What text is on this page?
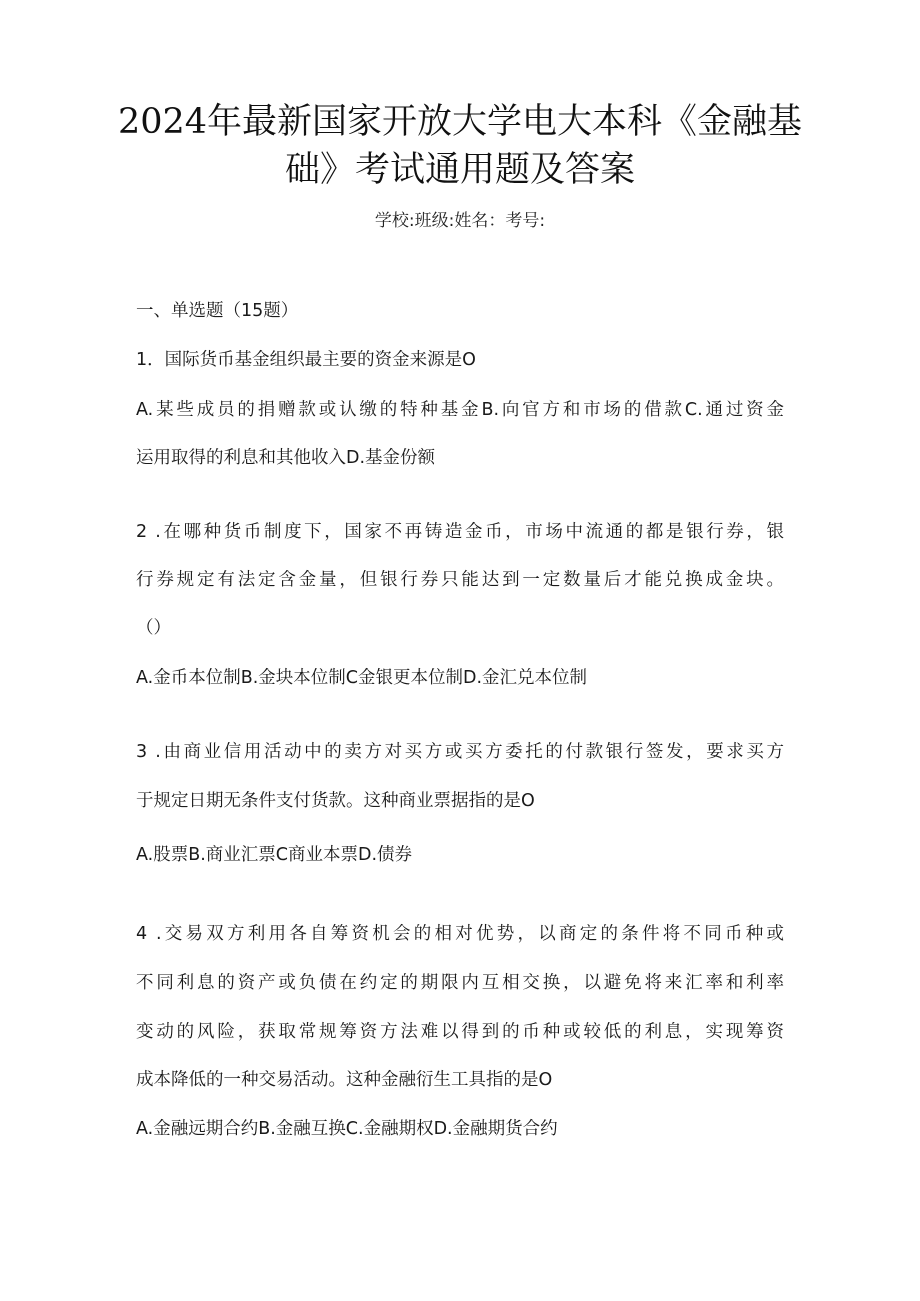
2024年最新国家开放大学电大本科《金融基
础》考试通用题及答案
学校:班级:姓名：考号:
一、单选题（15题）
1．国际货币基金组织最主要的资金来源是O
A.某些成员的捐赠款或认缴的特种基金B.向官方和市场的借款C.通过资金
运用取得的利息和其他收入D.基金份额
2 .在哪种货币制度下，国家不再铸造金币，市场中流通的都是银行券，银
行券规定有法定含金量，但银行券只能达到一定数量后才能兑换成金块。
（）
A.金币本位制B.金块本位制C金银更本位制D.金汇兑本位制
3 .由商业信用活动中的卖方对买方或买方委托的付款银行签发，要求买方
于规定日期无条件支付货款。这种商业票据指的是O
A.股票B.商业汇票C商业本票D.债券
4 .交易双方利用各自筹资机会的相对优势，以商定的条件将不同币种或
不同利息的资产或负债在约定的期限内互相交换，以避免将来汇率和利率
变动的风险，获取常规筹资方法难以得到的币种或较低的利息，实现筹资
成本降低的一种交易活动。这种金融衍生工具指的是O
A.金融远期合约B.金融互换C.金融期权D.金融期货合约
